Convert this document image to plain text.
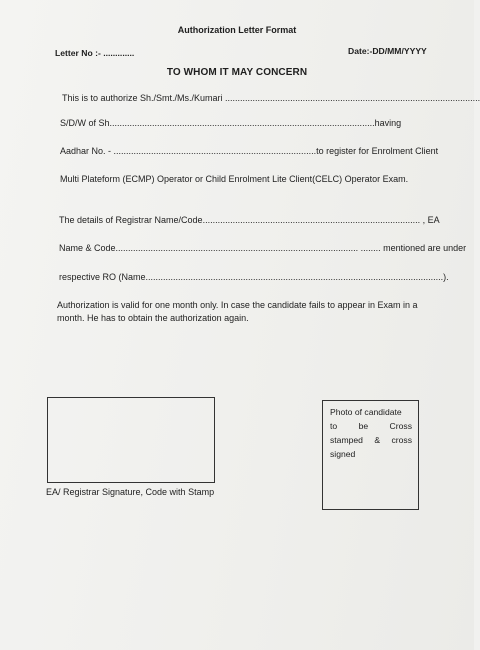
Authorization Letter Format
Letter No :- .............	Date:-DD/MM/YYYY
TO WHOM IT MAY CONCERN
This is to authorize Sh./Smt./Ms./Kumari ......................................................................................................
S/D/W of Sh..........................................................................................................having
Aadhar No. - .................................................................................to register for Enrolment Client
Multi Plateform (ECMP) Operator or Child Enrolment Lite Client(CELC) Operator Exam.
The details of Registrar Name/Code....................................................................................... , EA
Name & Code................................................................................................. ........ mentioned are under
respective RO (Name.......................................................................................................................).
Authorization is valid for one month only. In case the candidate fails to appear in Exam in a month. He has to obtain the authorization again.
EA/ Registrar Signature, Code with Stamp
Photo of candidate
to be Cross
stamped & cross
signed
